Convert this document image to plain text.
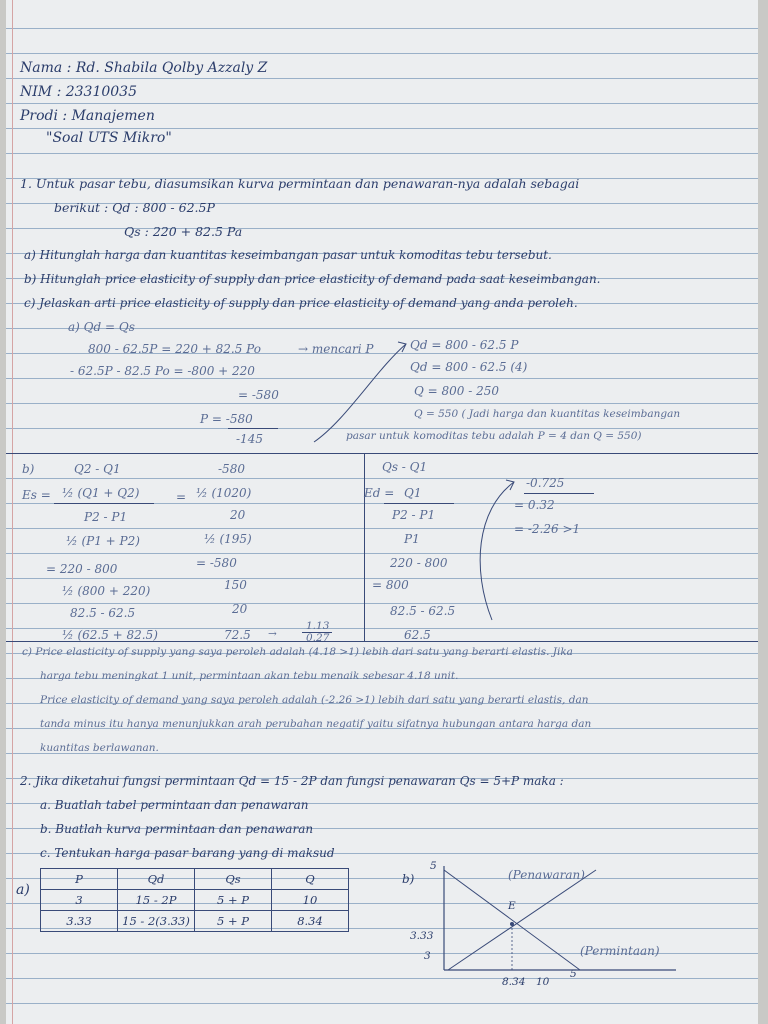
Nama : Rd. Shabila Qolby Azzaly Z
NIM : 23310035
Prodi : Manajemen
"Soal UTS Mikro"
1. Untuk pasar tebu, diasumsikan kurva permintaan dan penawaran-nya adalah sebagai
berikut : Qd : 800 - 62.5P
Qs : 220 + 82.5 Pa
a) Hitunglah harga dan kuantitas keseimbangan pasar untuk komoditas tebu tersebut.
b) Hitunglah price elasticity of supply dan price elasticity of demand pada saat keseimbangan.
c) Jelaskan arti price elasticity of supply dan price elasticity of demand yang anda peroleh.
a) Qd = Qs
800 - 62.5P = 220 + 82.5 Po	→ mencari P
- 62.5P - 82.5 Po = -800 + 220
= -580
P = -580
-145
Qd = 800 - 62.5 P
Qd = 800 - 62.5 (4)
Q = 800 - 250
Q = 550 ( Jadi harga dan kuantitas keseimbangan
pasar untuk komoditas tebu adalah P = 4 dan Q = 550)
b)	Q2 - Q1
Es = ½ (Q1 + Q2)
P2 - P1
½ (P1 + P2)
-580
½ (1020)
20
½ (195)
=
= 220 - 800
½ (800 + 220)
82.5 - 62.5
½ (62.5 + 82.5)
= -580
150
20
72.5 →
1.13
0.27
Qs - Q1
Ed = Q1
P2 - P1
P1
220 - 800
= 800
82.5 - 62.5
62.5
-0.725
= 0.32
= -2.26 >1
c) Price elasticity of supply yang saya peroleh adalah (4.18 >1) lebih dari satu yang berarti elastis. Jika
harga tebu meningkat 1 unit, permintaan akan tebu menaik sebesar 4.18 unit.
Price elasticity of demand yang saya peroleh adalah (-2.26 >1) lebih dari satu yang berarti elastis, dan
tanda minus itu hanya menunjukkan arah perubahan negatif yaitu sifatnya hubungan antara harga dan
kuantitas berlawanan.
2. Jika diketahui fungsi permintaan Qd = 15 - 2P dan fungsi penawaran Qs = 5+P maka :
a. Buatlah tabel permintaan dan penawaran
b. Buatlah kurva permintaan dan penawaran
c. Tentukan harga pasar barang yang di maksud
a)
P	Qd	Qs	Q
3	15 - 2P	5 + P	10
3.33	15 - 2(3.33)	5 + P	8.34
b)
5
3.33
3
8.34 10
5
E
(Penawaran)
(Permintaan)
